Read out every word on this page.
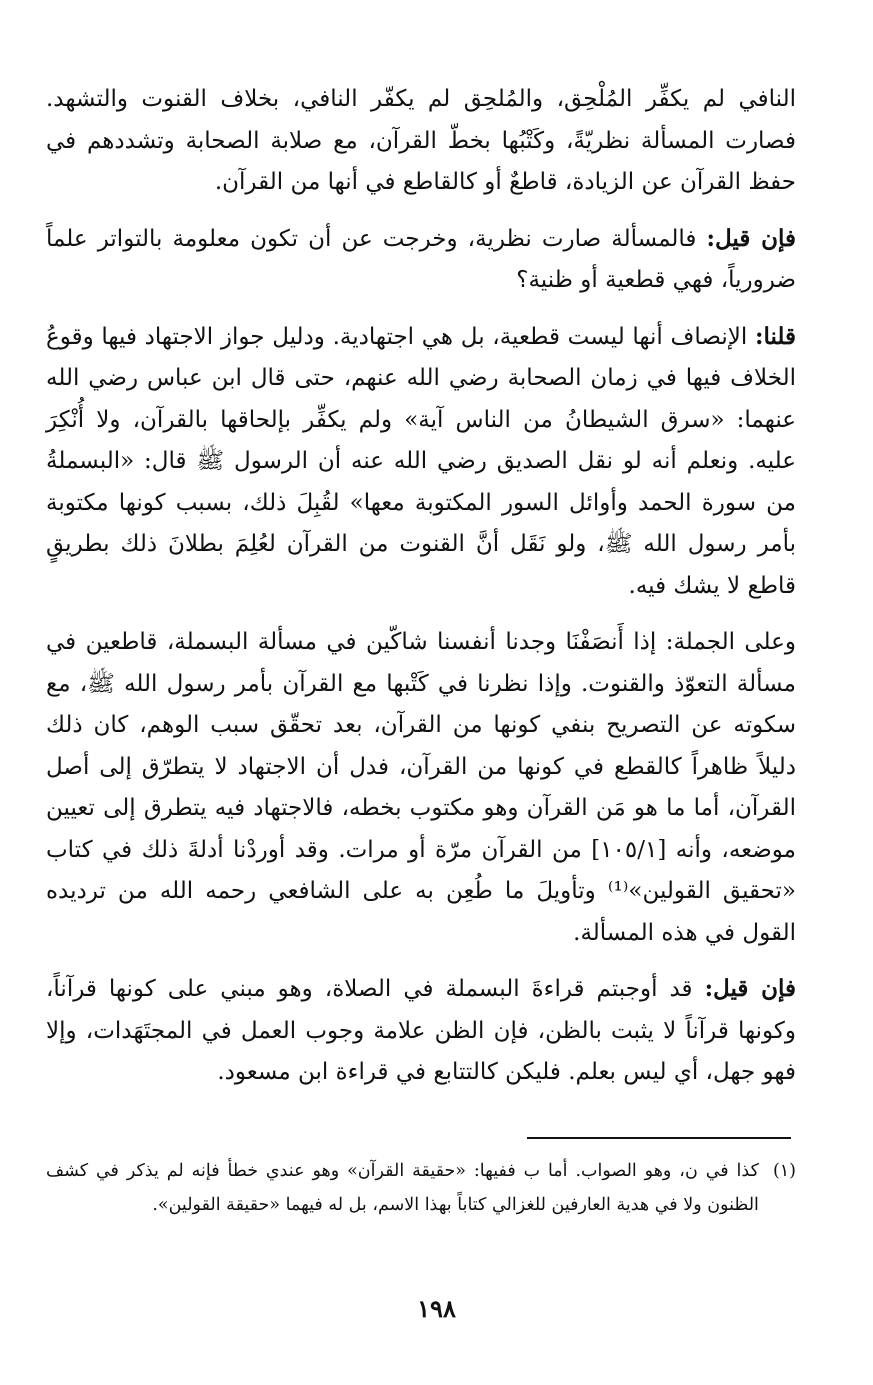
النافي لم يكفِّر المُلْحِق، والمُلحِق لم يكفّر النافي، بخلاف القنوت والتشهد. فصارت المسألة نظريّةً، وكَتْبُها بخطّ القرآن، مع صلابة الصحابة وتشددهم في حفظ القرآن عن الزيادة، قاطعٌ أو كالقاطع في أنها من القرآن.

فإن قيل: فالمسألة صارت نظرية، وخرجت عن أن تكون معلومة بالتواتر علماً ضرورياً، فهي قطعية أو ظنية؟

قلنا: الإنصاف أنها ليست قطعية، بل هي اجتهادية. ودليل جواز الاجتهاد فيها وقوعُ الخلاف فيها في زمان الصحابة رضي الله عنهم، حتى قال ابن عباس رضي الله عنهما: «سرق الشيطانُ من الناس آية» ولم يكفِّر بإلحاقها بالقرآن، ولا أُنْكِرَ عليه. ونعلم أنه لو نقل الصديق رضي الله عنه أن الرسول ﷺ قال: «البسملةُ من سورة الحمد وأوائل السور المكتوبة معها» لقُبِلَ ذلك، بسبب كونها مكتوبة بأمر رسول الله ﷺ، ولو نَقَل أنَّ القنوت من القرآن لعُلِمَ بطلانَ ذلك بطريقٍ قاطع لا يشك فيه.

وعلى الجملة: إذا أَنصَفْنَا وجدنا أنفسنا شاكّين في مسألة البسملة، قاطعين في مسألة التعوّذ والقنوت. وإذا نظرنا في كَتْبها مع القرآن بأمر رسول الله ﷺ، مع سكوته عن التصريح بنفي كونها من القرآن، بعد تحقّق سبب الوهم، كان ذلك دليلاً ظاهراً كالقطع في كونها من القرآن، فدل أن الاجتهاد لا يتطرّق إلى أصل القرآن، أما ما هو مَن القرآن وهو مكتوب بخطه، فالاجتهاد فيه يتطرق إلى تعيين موضعه، وأنه [١٠٥/١] من القرآن مرّة أو مرات. وقد أوردْنا أدلةَ ذلك في كتاب «تحقيق القولين»⁽¹⁾ وتأويلَ ما طُعِن به على الشافعي رحمه الله من ترديده القول في هذه المسألة.

فإن قيل: قد أوجبتم قراءةَ البسملة في الصلاة، وهو مبني على كونها قرآناً، وكونها قرآناً لا يثبت بالظن، فإن الظن علامة وجوب العمل في المجتَهَدات، وإلا فهو جهل، أي ليس بعلم. فليكن كالتتابع في قراءة ابن مسعود.

(١)
كذا في ن، وهو الصواب. أما ب ففيها: «حقيقة القرآن» وهو عندي خطأ فإنه لم يذكر في كشف الظنون ولا في هدية العارفين للغزالي كتاباً بهذا الاسم، بل له فيهما «حقيقة القولين».
١٩٨
